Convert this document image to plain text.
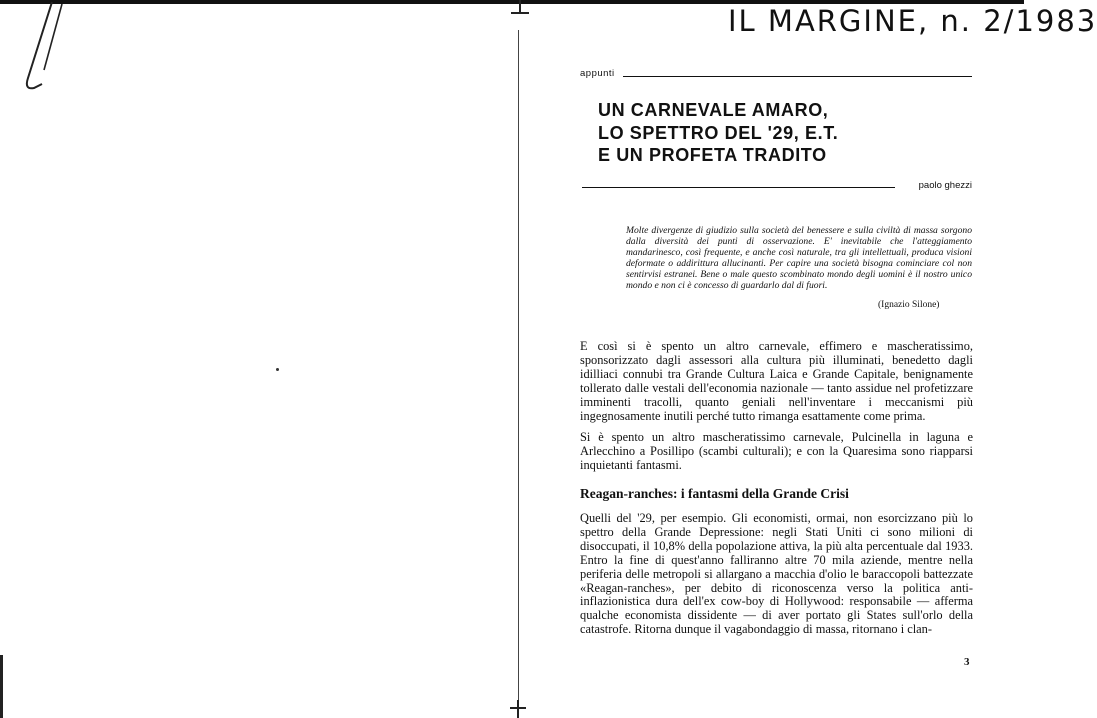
IL MARGINE, n. 2/1983
appunti
UN CARNEVALE AMARO,
LO SPETTRO DEL '29, E.T.
E UN PROFETA TRADITO
paolo ghezzi

Molte divergenze di giudizio sulla società del benessere e sulla civiltà di massa sorgono dalla diversità dei punti di osservazione. E' inevitabile che l'atteggiamento mandarinesco, così frequente, e anche così naturale, tra gli intellettuali, produca visioni deformate o addirittura allucinanti. Per capire una società bisogna cominciare col non sentirvisi estranei. Bene o male questo scombinato mondo degli uomini è il nostro unico mondo e non ci è concesso di guardarlo dal di fuori.

(Ignazio Silone)

E così si è spento un altro carnevale, effimero e mascheratissimo, sponsorizzato dagli assessori alla cultura più illuminati, benedetto dagli idilliaci connubi tra Grande Cultura Laica e Grande Capitale, benignamente tollerato dalle vestali dell'economia nazionale — tanto assidue nel profetizzare imminenti tracolli, quanto geniali nell'inventare i meccanismi più ingegnosamente inutili perché tutto rimanga esattamente come prima.

Si è spento un altro mascheratissimo carnevale, Pulcinella in laguna e Arlecchino a Posillipo (scambi culturali); e con la Quaresima sono riapparsi inquietanti fantasmi.

Reagan-ranches: i fantasmi della Grande Crisi

Quelli del '29, per esempio. Gli economisti, ormai, non esorcizzano più lo spettro della Grande Depressione: negli Stati Uniti ci sono milioni di disoccupati, il 10,8% della popolazione attiva, la più alta percentuale dal 1933. Entro la fine di quest'anno falliranno altre 70 mila aziende, mentre nella periferia delle metropoli si allargano a macchia d'olio le baraccopoli battezzate «Reagan-ranches», per debito di riconoscenza verso la politica anti-inflazionistica dura dell'ex cow-boy di Hollywood: responsabile — afferma qualche economista dissidente — di aver portato gli States sull'orlo della catastrofe. Ritorna dunque il vagabondaggio di massa, ritornano i clan-

3
